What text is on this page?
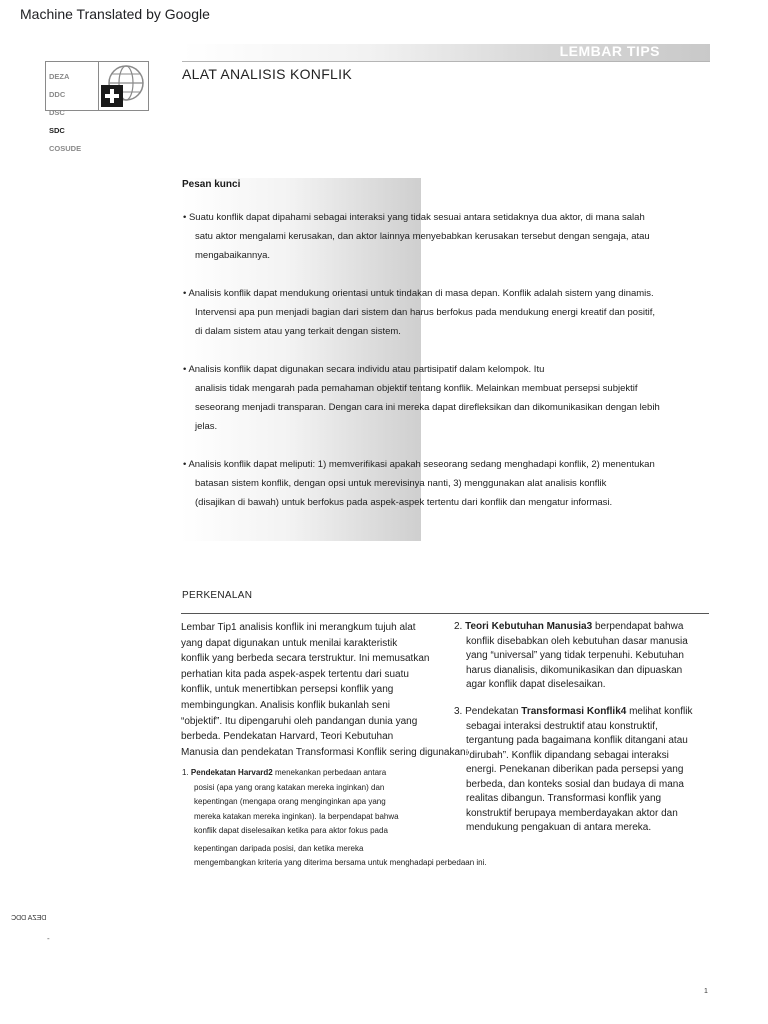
Machine Translated by Google
LEMBAR TIPS

DEZA

DDC

DSC

SDC

COSUDE

ALAT ANALISIS KONFLIK
Pesan kunci

• Suatu konflik dapat dipahami sebagai interaksi yang tidak sesuai antara setidaknya dua aktor, di mana salah

satu aktor mengalami kerusakan, dan aktor lainnya menyebabkan kerusakan tersebut dengan sengaja, atau

mengabaikannya.

• Analisis konflik dapat mendukung orientasi untuk tindakan di masa depan. Konflik adalah sistem yang dinamis.

Intervensi apa pun menjadi bagian dari sistem dan harus berfokus pada mendukung energi kreatif dan positif,

di dalam sistem atau yang terkait dengan sistem.

• Analisis konflik dapat digunakan secara individu atau partisipatif dalam kelompok. Itu

analisis tidak mengarah pada pemahaman objektif tentang konflik. Melainkan membuat persepsi subjektif

seseorang menjadi transparan. Dengan cara ini mereka dapat direfleksikan dan dikomunikasikan dengan lebih

jelas.

• Analisis konflik dapat meliputi: 1) memverifikasi apakah seseorang sedang menghadapi konflik, 2) menentukan

batasan sistem konflik, dengan opsi untuk merevisinya nanti, 3) menggunakan alat analisis konflik

(disajikan di bawah) untuk berfokus pada aspek-aspek tertentu dari konflik dan mengatur informasi.

PERKENALAN

Lembar Tip1 analisis konflik ini merangkum tujuh alat

yang dapat digunakan untuk menilai karakteristik

konflik yang berbeda secara terstruktur. Ini memusatkan

perhatian kita pada aspek-aspek tertentu dari suatu

konflik, untuk menertibkan persepsi konflik yang

membingungkan. Analisis konflik bukanlah seni

“objektif”. Itu dipengaruhi oleh pandangan dunia yang

berbeda. Pendekatan Harvard, Teori Kebutuhan

Manusia dan pendekatan Transformasi Konflik sering digunakan:

1. Pendekatan Harvard2 menekankan perbedaan antara

posisi (apa yang orang katakan mereka inginkan) dan

kepentingan (mengapa orang menginginkan apa yang

mereka katakan mereka inginkan). Ia berpendapat bahwa

konflik dapat diselesaikan ketika para aktor fokus pada

kepentingan daripada posisi, dan ketika mereka

mengembangkan kriteria yang diterima bersama untuk menghadapi perbedaan ini.

2. Teori Kebutuhan Manusia3 berpendapat bahwa

konflik disebabkan oleh kebutuhan dasar manusia

yang “universal” yang tidak terpenuhi. Kebutuhan

harus dianalisis, dikomunikasikan dan dipuaskan

agar konflik dapat diselesaikan.

3. Pendekatan Transformasi Konflik4 melihat konflik

sebagai interaksi destruktif atau konstruktif,

tergantung pada bagaimana konflik ditangani atau

“dirubah”. Konflik dipandang sebagai interaksi

energi. Penekanan diberikan pada persepsi yang

berbeda, dan konteks sosial dan budaya di mana

realitas dibangun. Transformasi konflik yang

konstruktif berupaya memberdayakan aktor dan

mendukung pengakuan di antara mereka.

DEZA DDC
-
1
